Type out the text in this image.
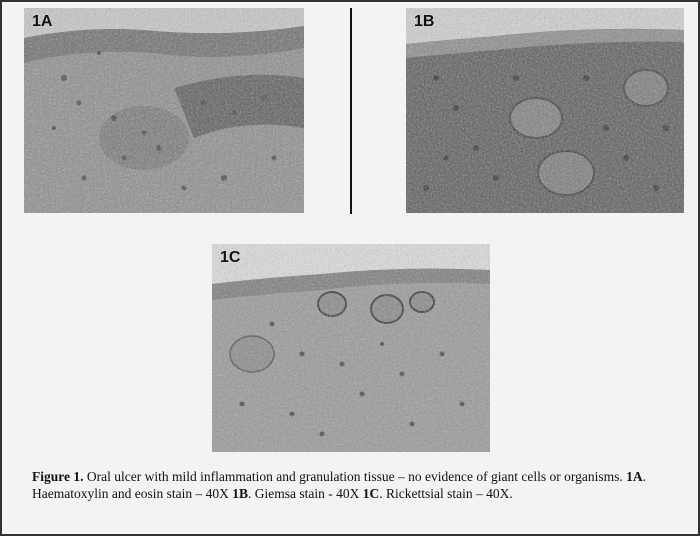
1A	1B
1C
Figure 1. Oral ulcer with mild inflammation and granulation tissue – no evidence of giant cells or organisms. 1A. Haematoxylin and eosin stain – 40X 1B. Giemsa stain - 40X 1C. Rickettsial stain – 40X.
